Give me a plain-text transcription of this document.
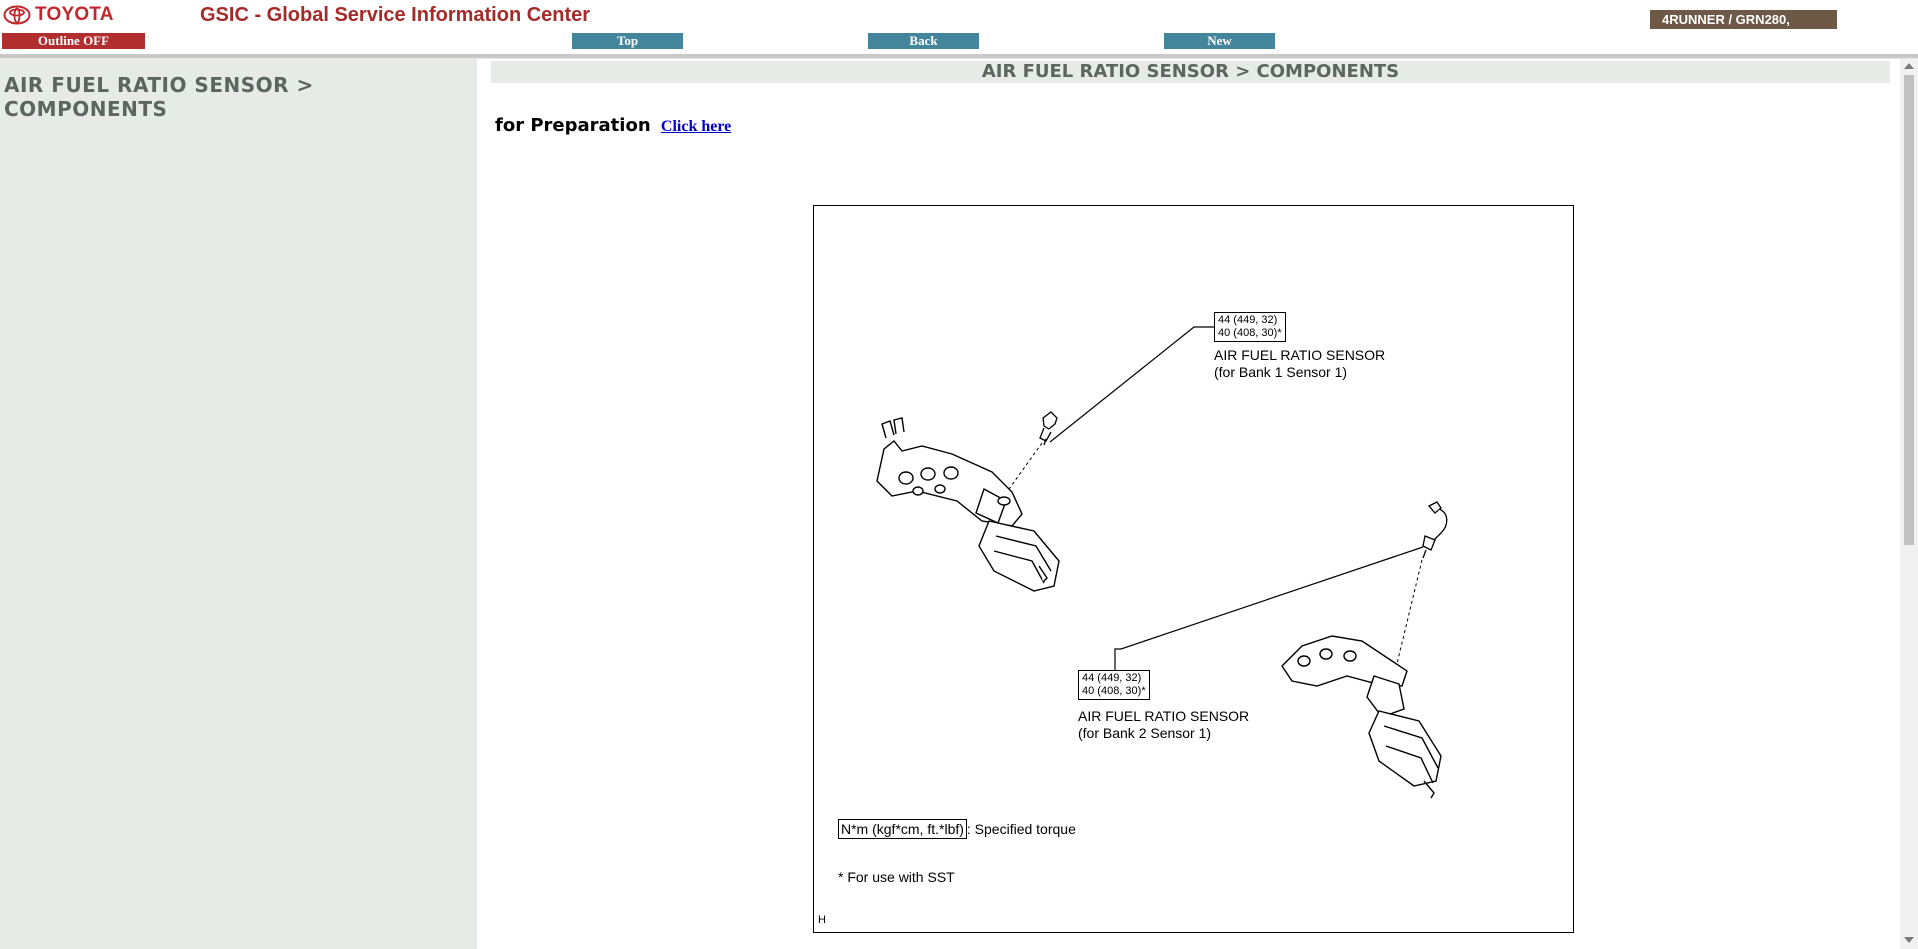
TOYOTA	GSIC - Global Service Information Center
Outline OFF	Top	Back	New
4RUNNER / GRN280,
AIR FUEL RATIO SENSOR > COMPONENTS
AIR FUEL RATIO SENSOR > COMPONENTS
for Preparation Click here
44 (449, 32)
40 (408, 30)*
AIR FUEL RATIO SENSOR
(for Bank 1 Sensor 1)
44 (449, 32)
40 (408, 30)*
AIR FUEL RATIO SENSOR
(for Bank 2 Sensor 1)
N*m (kgf*cm, ft.*lbf) : Specified torque
* For use with SST
H
